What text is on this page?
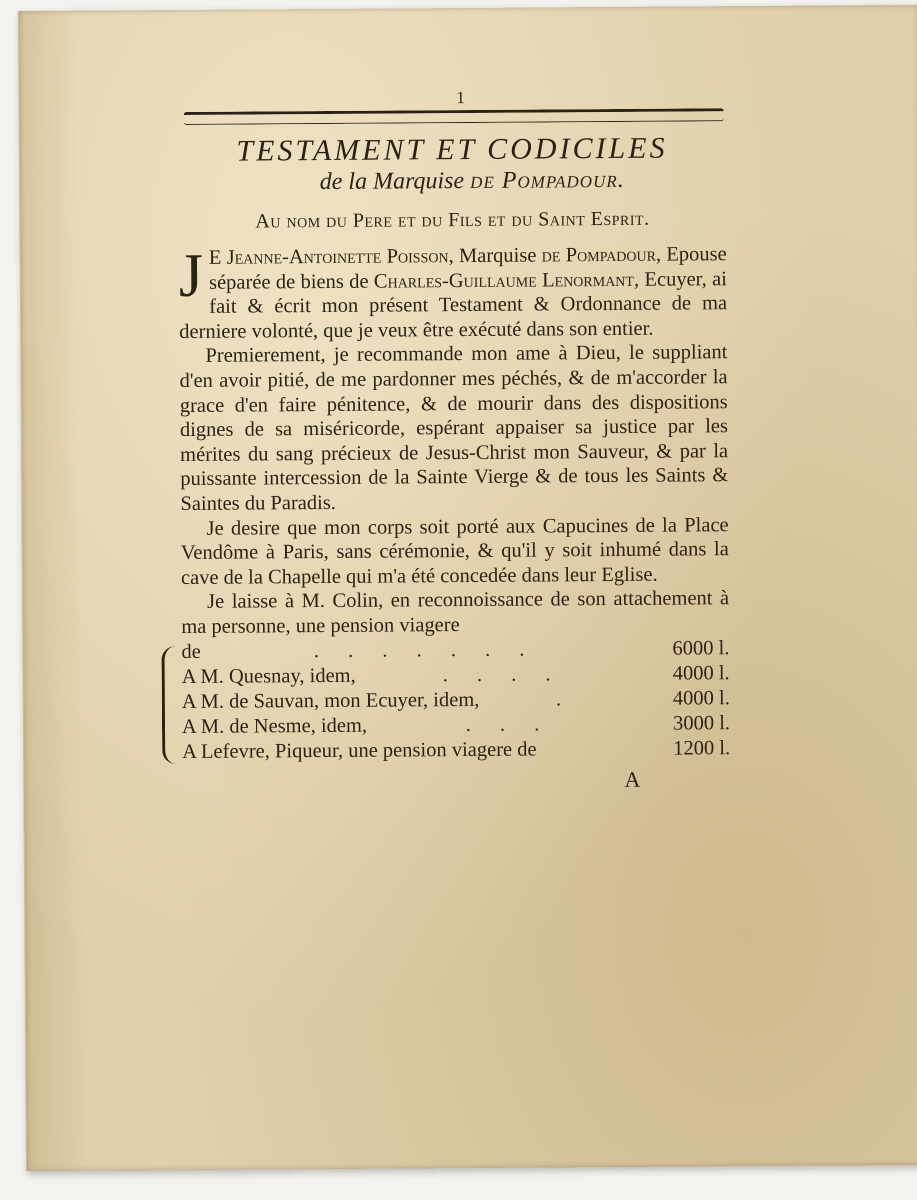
1
TESTAMENT ET CODICILES
de la Marquise de Pompadour.
Au nom du Pere et du Fils et du Saint Esprit.

J E Jeanne-Antoinette Poisson, Marquise de Pompadour, Epouse séparée de biens de Charles-Guillaume Lenormant, Ecuyer, ai fait & écrit mon présent Testament & Ordonnance de ma derniere volonté, que je veux être exécuté dans son entier.

Premierement, je recommande mon ame à Dieu, le suppliant d'en avoir pitié, de me pardonner mes péchés, & de m'accorder la grace d'en faire pénitence, & de mourir dans des dispositions dignes de sa miséricorde, espérant appaiser sa justice par les mérites du sang précieux de Jesus-Christ mon Sauveur, & par la puissante intercession de la Sainte Vierge & de tous les Saints & Saintes du Paradis.

Je desire que mon corps soit porté aux Capucines de la Place Vendôme à Paris, sans cérémonie, & qu'il y soit inhumé dans la cave de la Chapelle qui m'a été concedée dans leur Eglise.

Je laisse à M. Colin, en reconnoissance de son attachement à ma personne, une pension viagere

de	. . . . . . .	6000 l.
A M. Quesnay, idem,	. . . .	4000 l.
A M. de Sauvan, mon Ecuyer, idem,	.	4000 l.
A M. de Nesme, idem,	. . .	3000 l.
A Lefevre, Piqueur, une pension viagere de	1200 l.
A
